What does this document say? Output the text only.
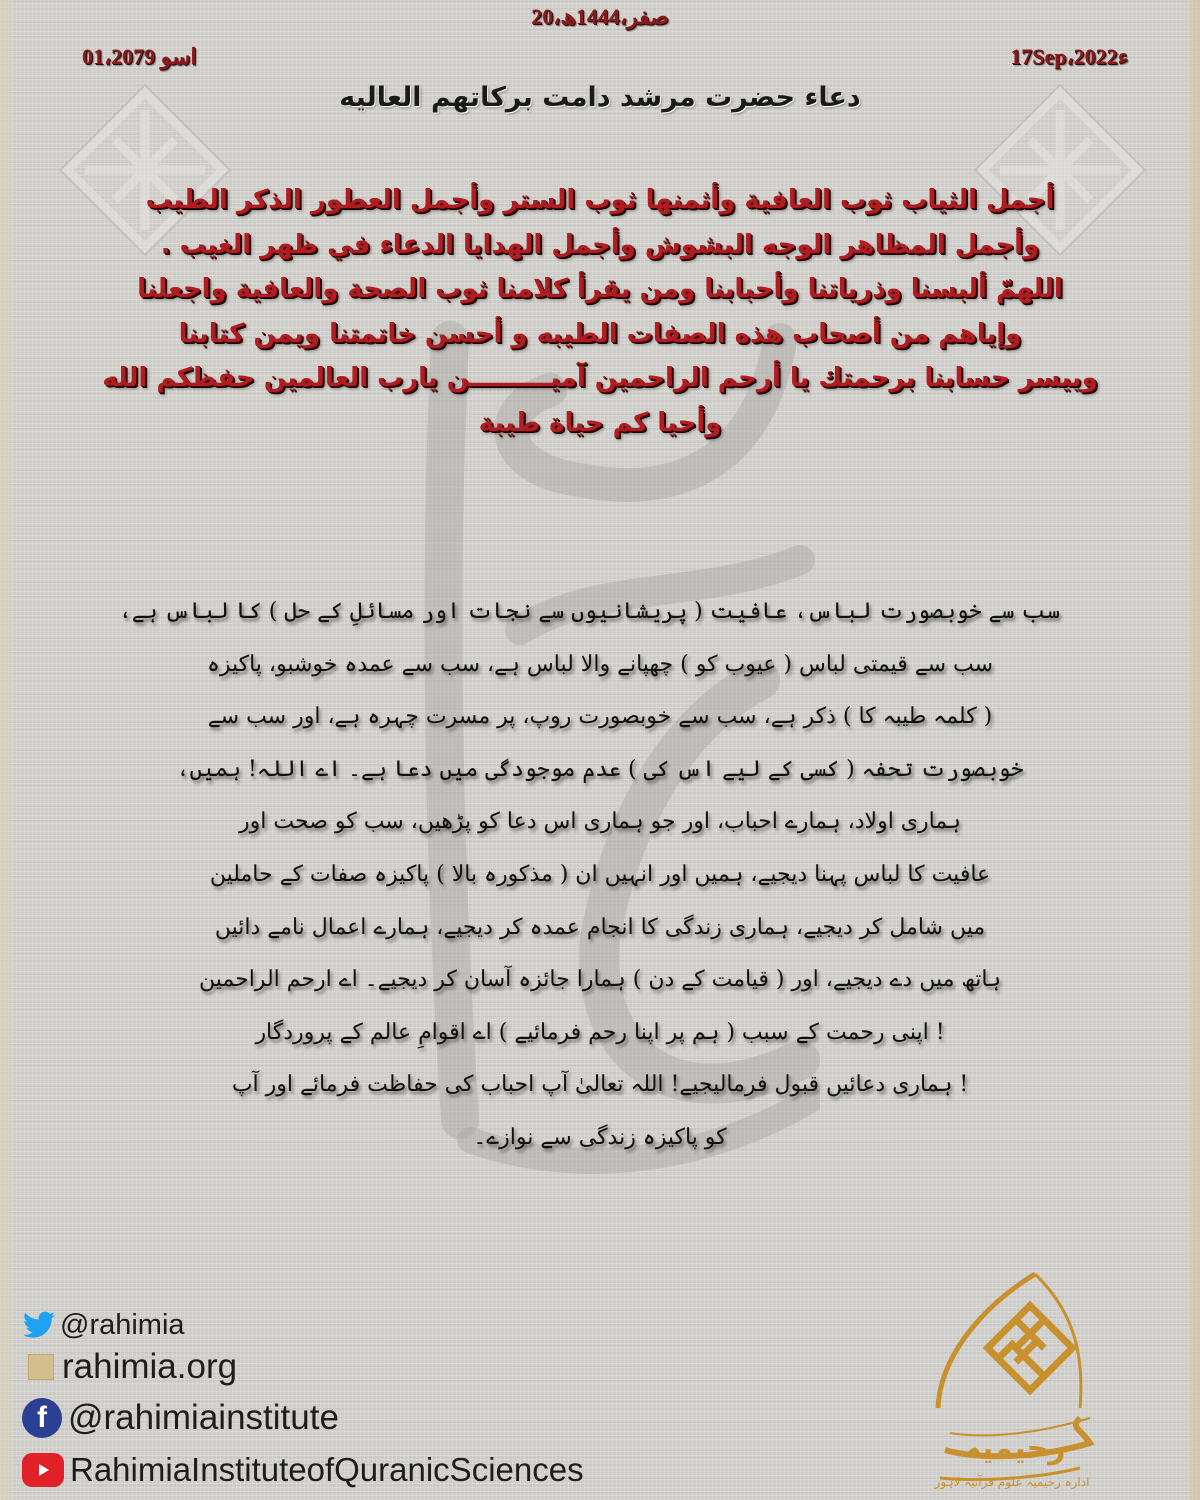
20،صفر،1444ھ
01،اسو 2079	17Sep،2022ء
دعاء حضرت مرشد دامت برکاتهم العالیه
أجمل الثياب ثوب العافية وأثمنها ثوب الستر وأجمل العطور الذكر الطيب
وأجمل المظاهر الوجه البشوش وأجمل الهدايا الدعاء في ظهر الغيب .
اللهمّ ألبسنا وذرياتنا وأحبابنا ومن يقرأ كلامنا ثوب الصحة والعافية واجعلنا
وإياهم من أصحاب هذه الصفات الطيبه و أحسن خاتمتنا ويمن كتابنا
وييسر حسابنا برحمتك يا أرحم الراحمين آميـــــــــن يارب العالمين حفظكم الله
وأحيا كم حياة طيبة
سب سے خوبصورت لباس، عافیت ( پریشانیوں سے نجات اور مسائلِ کے حل ) کا لباس ہے،
سب سے قیمتی لباس ( عیوب کو ) چھپانے والا لباس ہے، سب سے عمدہ خوشبو، پاکیزہ
( کلمہ طیبہ کا ) ذکر ہے، سب سے خوبصورت روپ، پر مسرت چہرہ ہے، اور سب سے
خوبصورت تحفہ ( کسی کے لیے اس کی ) عدم موجودگی میں دعا ہے۔ اے اللہ! ہمیں،
ہماری اولاد، ہمارے احباب، اور جو ہماری اس دعا کو پڑھیں، سب کو صحت اور
عافیت کا لباس پہنا دیجیے، ہمیں اور انہیں ان ( مذکورہ بالا ) پاکیزہ صفات کے حاملین
میں شامل کر دیجیے، ہماری زندگی کا انجام عمدہ کر دیجیے، ہمارے اعمال نامے دائیں
ہاتھ میں دے دیجیے، اور ( قیامت کے دن ) ہمارا جائزہ آسان کر دیجیے۔ اے ارحم الراحمین
! اپنی رحمت کے سبب ( ہم پر اپنا رحم فرمائیے ) اے اقوامِ عالم کے پروردگار
! ہماری دعائیں قبول فرمالیجیے! اللہ تعالیٰ آپ احباب کی حفاظت فرمائے اور آپ
کو پاکیزہ زندگی سے نوازے۔
@rahimia
rahimia.org
f @rahimiainstitute
RahimiaInstituteofQuranicSciences
رحیمیہ
ادارہ رحیمیہ علوم قرآنیہ لاہور
